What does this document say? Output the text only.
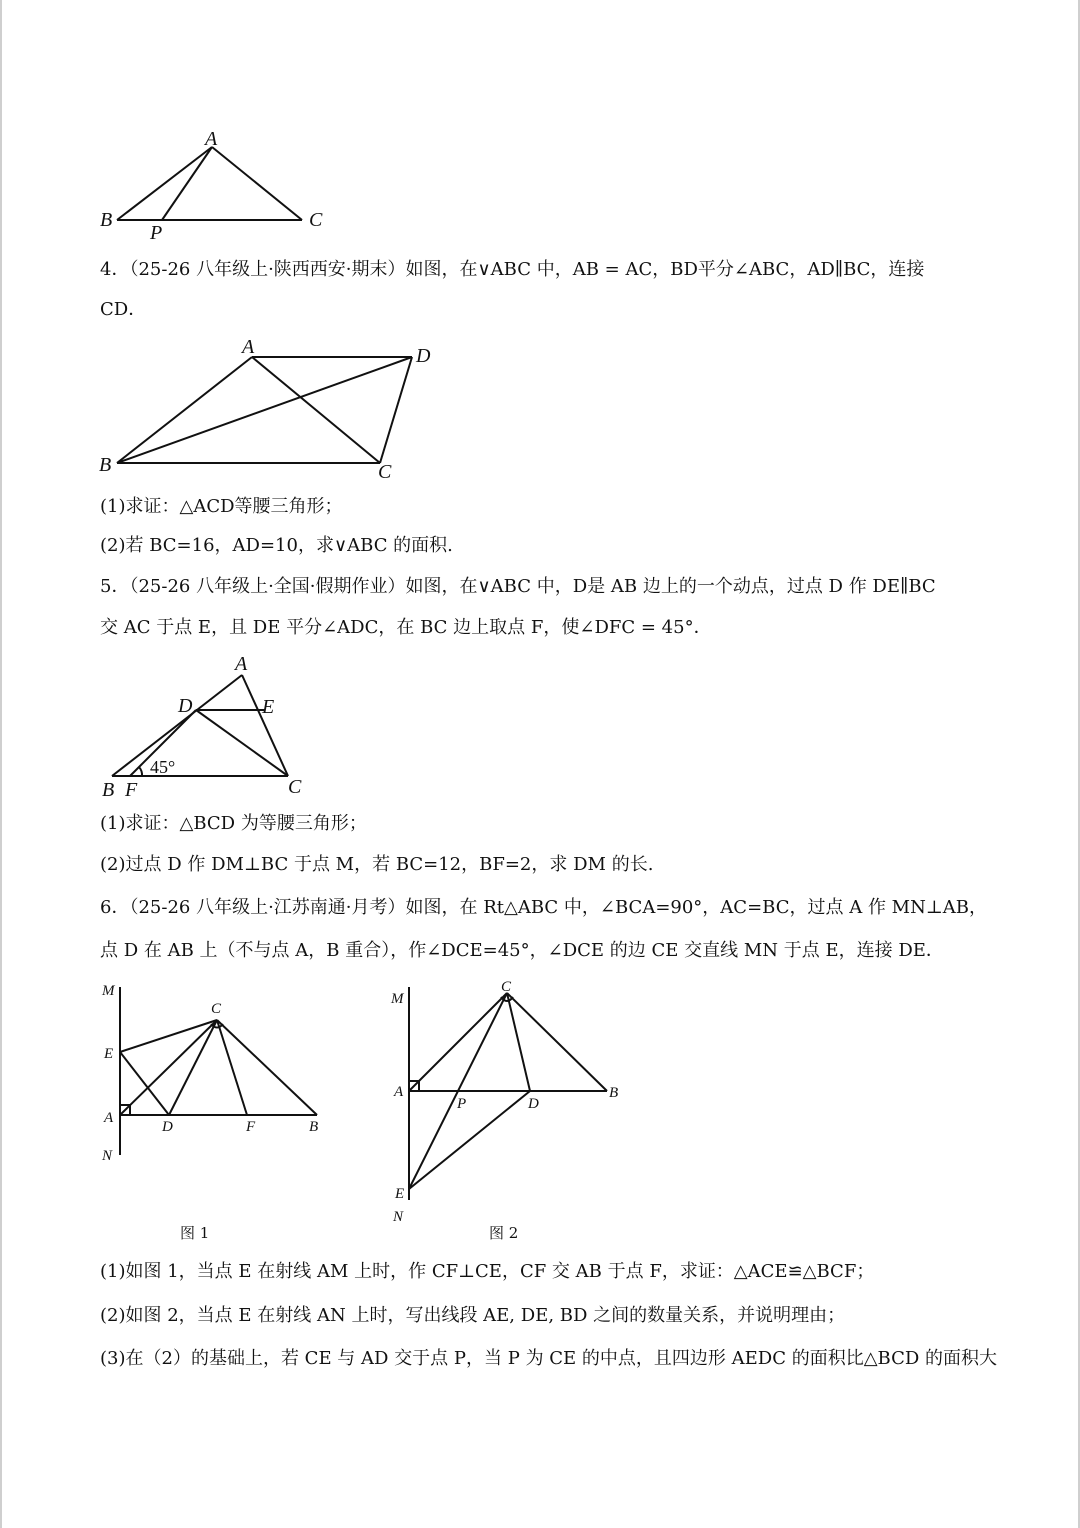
A
B
P
C
4．（25-26 八年级上·陕西西安·期末）如图，在∨ABC 中，AB = AC，BD平分∠ABC，AD∥BC，连接
CD．
A	D
B	C
(1)求证：△ACD等腰三角形；
(2)若 BC=16，AD=10，求∨ABC 的面积.
5．（25-26 八年级上·全国·假期作业）如图，在∨ABC 中，D是 AB 边上的一个动点，过点 D 作 DE∥BC
交 AC 于点 E，且 DE 平分∠ADC，在 BC 边上取点 F，使∠DFC = 45°．
A
D	E
B F	C
45°
(1)求证：△BCD 为等腰三角形；
(2)过点 D 作 DM⊥BC 于点 M，若 BC=12，BF=2，求 DM 的长.
6．（25-26 八年级上·江苏南通·月考）如图，在 Rt△ABC 中，∠BCA=90°，AC=BC，过点 A 作 MN⊥AB，
点 D 在 AB 上（不与点 A，B 重合），作∠DCE=45°，∠DCE 的边 CE 交直线 MN 于点 E，连接 DE．
M
C
E
A
D	F	B
N
图 1
M
C
A
P	D
B
E
N
图 2
(1)如图 1，当点 E 在射线 AM 上时，作 CF⊥CE，CF 交 AB 于点 F，求证：△ACE≌△BCF；
(2)如图 2，当点 E 在射线 AN 上时，写出线段 AE, DE, BD 之间的数量关系，并说明理由；
(3)在（2）的基础上，若 CE 与 AD 交于点 P，当 P 为 CE 的中点，且四边形 AEDC 的面积比△BCD 的面积大
